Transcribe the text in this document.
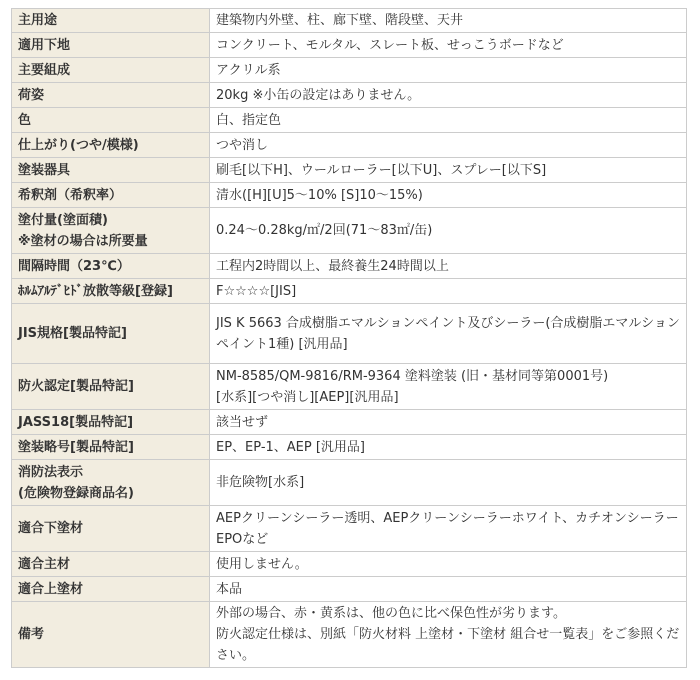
主用途	建築物内外壁、柱、廊下壁、階段壁、天井

適用下地	コンクリート、モルタル、スレート板、せっこうボードなど

主要組成	アクリル系

荷姿	20kg ※小缶の設定はありません。

色	白、指定色

仕上がり(つや/模様)	つや消し

塗装器具	刷毛[以下H]、ウールローラー[以下U]、スプレー[以下S]

希釈剤（希釈率）	清水([H][U]5～10% [S]10～15%)

塗付量(塗面積)
※塗材の場合は所要量	0.24～0.28kg/㎡/2回(71～83㎡/缶)

間隔時間（23℃）	工程内2時間以上、最終養生24時間以上

ﾎﾙﾑｱﾙﾃﾞﾋﾄﾞ放散等級[登録]	F☆☆☆☆[JIS]

JIS規格[製品特記]	JIS K 5663 合成樹脂エマルションペイント及びシーラー(合成樹脂エマルションペイント1種) [汎用品]

防火認定[製品特記]	NM-8585/QM-9816/RM-9364 塗料塗装 (旧・基材同等第0001号)
[水系][つや消し][AEP][汎用品]

JASS18[製品特記]	該当せず

塗装略号[製品特記]	EP、EP-1、AEP [汎用品]

消防法表示
(危険物登録商品名)	非危険物[水系]

適合下塗材	AEPクリーンシーラー透明、AEPクリーンシーラーホワイト、カチオンシーラーEPOなど

適合主材	使用しません。

適合上塗材	本品

備考	外部の場合、赤・黄系は、他の色に比べ保色性が劣ります。
防火認定仕様は、別紙「防火材料 上塗材・下塗材 組合せ一覧表」をご参照ください。
